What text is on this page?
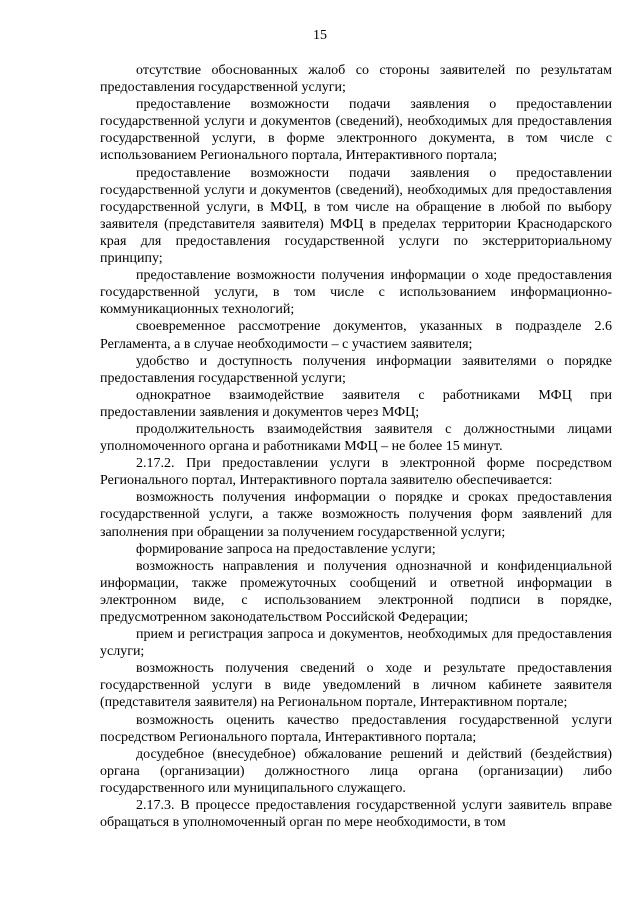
15

отсутствие обоснованных жалоб со стороны заявителей по результатам предоставления государственной услуги;

предоставление возможности подачи заявления о предоставлении государственной услуги и документов (сведений), необходимых для предоставления государственной услуги, в форме электронного документа, в том числе с использованием Регионального портала, Интерактивного портала;

предоставление возможности подачи заявления о предоставлении государственной услуги и документов (сведений), необходимых для предоставления государственной услуги, в МФЦ, в том числе на обращение в любой по выбору заявителя (представителя заявителя) МФЦ в пределах территории Краснодарского края для предоставления государственной услуги по экстерриториальному принципу;

предоставление возможности получения информации о ходе предоставления государственной услуги, в том числе с использованием информационно-коммуникационных технологий;

своевременное рассмотрение документов, указанных в подразделе 2.6 Регламента, а в случае необходимости – с участием заявителя;

удобство и доступность получения информации заявителями о порядке предоставления государственной услуги;

однократное взаимодействие заявителя с работниками МФЦ при предоставлении заявления и документов через МФЦ;

продолжительность взаимодействия заявителя с должностными лицами уполномоченного органа и работниками МФЦ – не более 15 минут.

2.17.2. При предоставлении услуги в электронной форме посредством Регионального портал, Интерактивного портала заявителю обеспечивается:

возможность получения информации о порядке и сроках предоставления государственной услуги, а также возможность получения форм заявлений для заполнения при обращении за получением государственной услуги;

формирование запроса на предоставление услуги;

возможность направления и получения однозначной и конфиденциальной информации, также промежуточных сообщений и ответной информации в электронном виде, с использованием электронной подписи в порядке, предусмотренном законодательством Российской Федерации;

прием и регистрация запроса и документов, необходимых для предоставления услуги;

возможность получения сведений о ходе и результате предоставления государственной услуги в виде уведомлений в личном кабинете заявителя (представителя заявителя) на Региональном портале, Интерактивном портале;

возможность оценить качество предоставления государственной услуги посредством Регионального портала, Интерактивного портала;

досудебное (внесудебное) обжалование решений и действий (бездействия) органа (организации) должностного лица органа (организации) либо государственного или муниципального служащего.

2.17.3. В процессе предоставления государственной услуги заявитель вправе обращаться в уполномоченный орган по мере необходимости, в том
